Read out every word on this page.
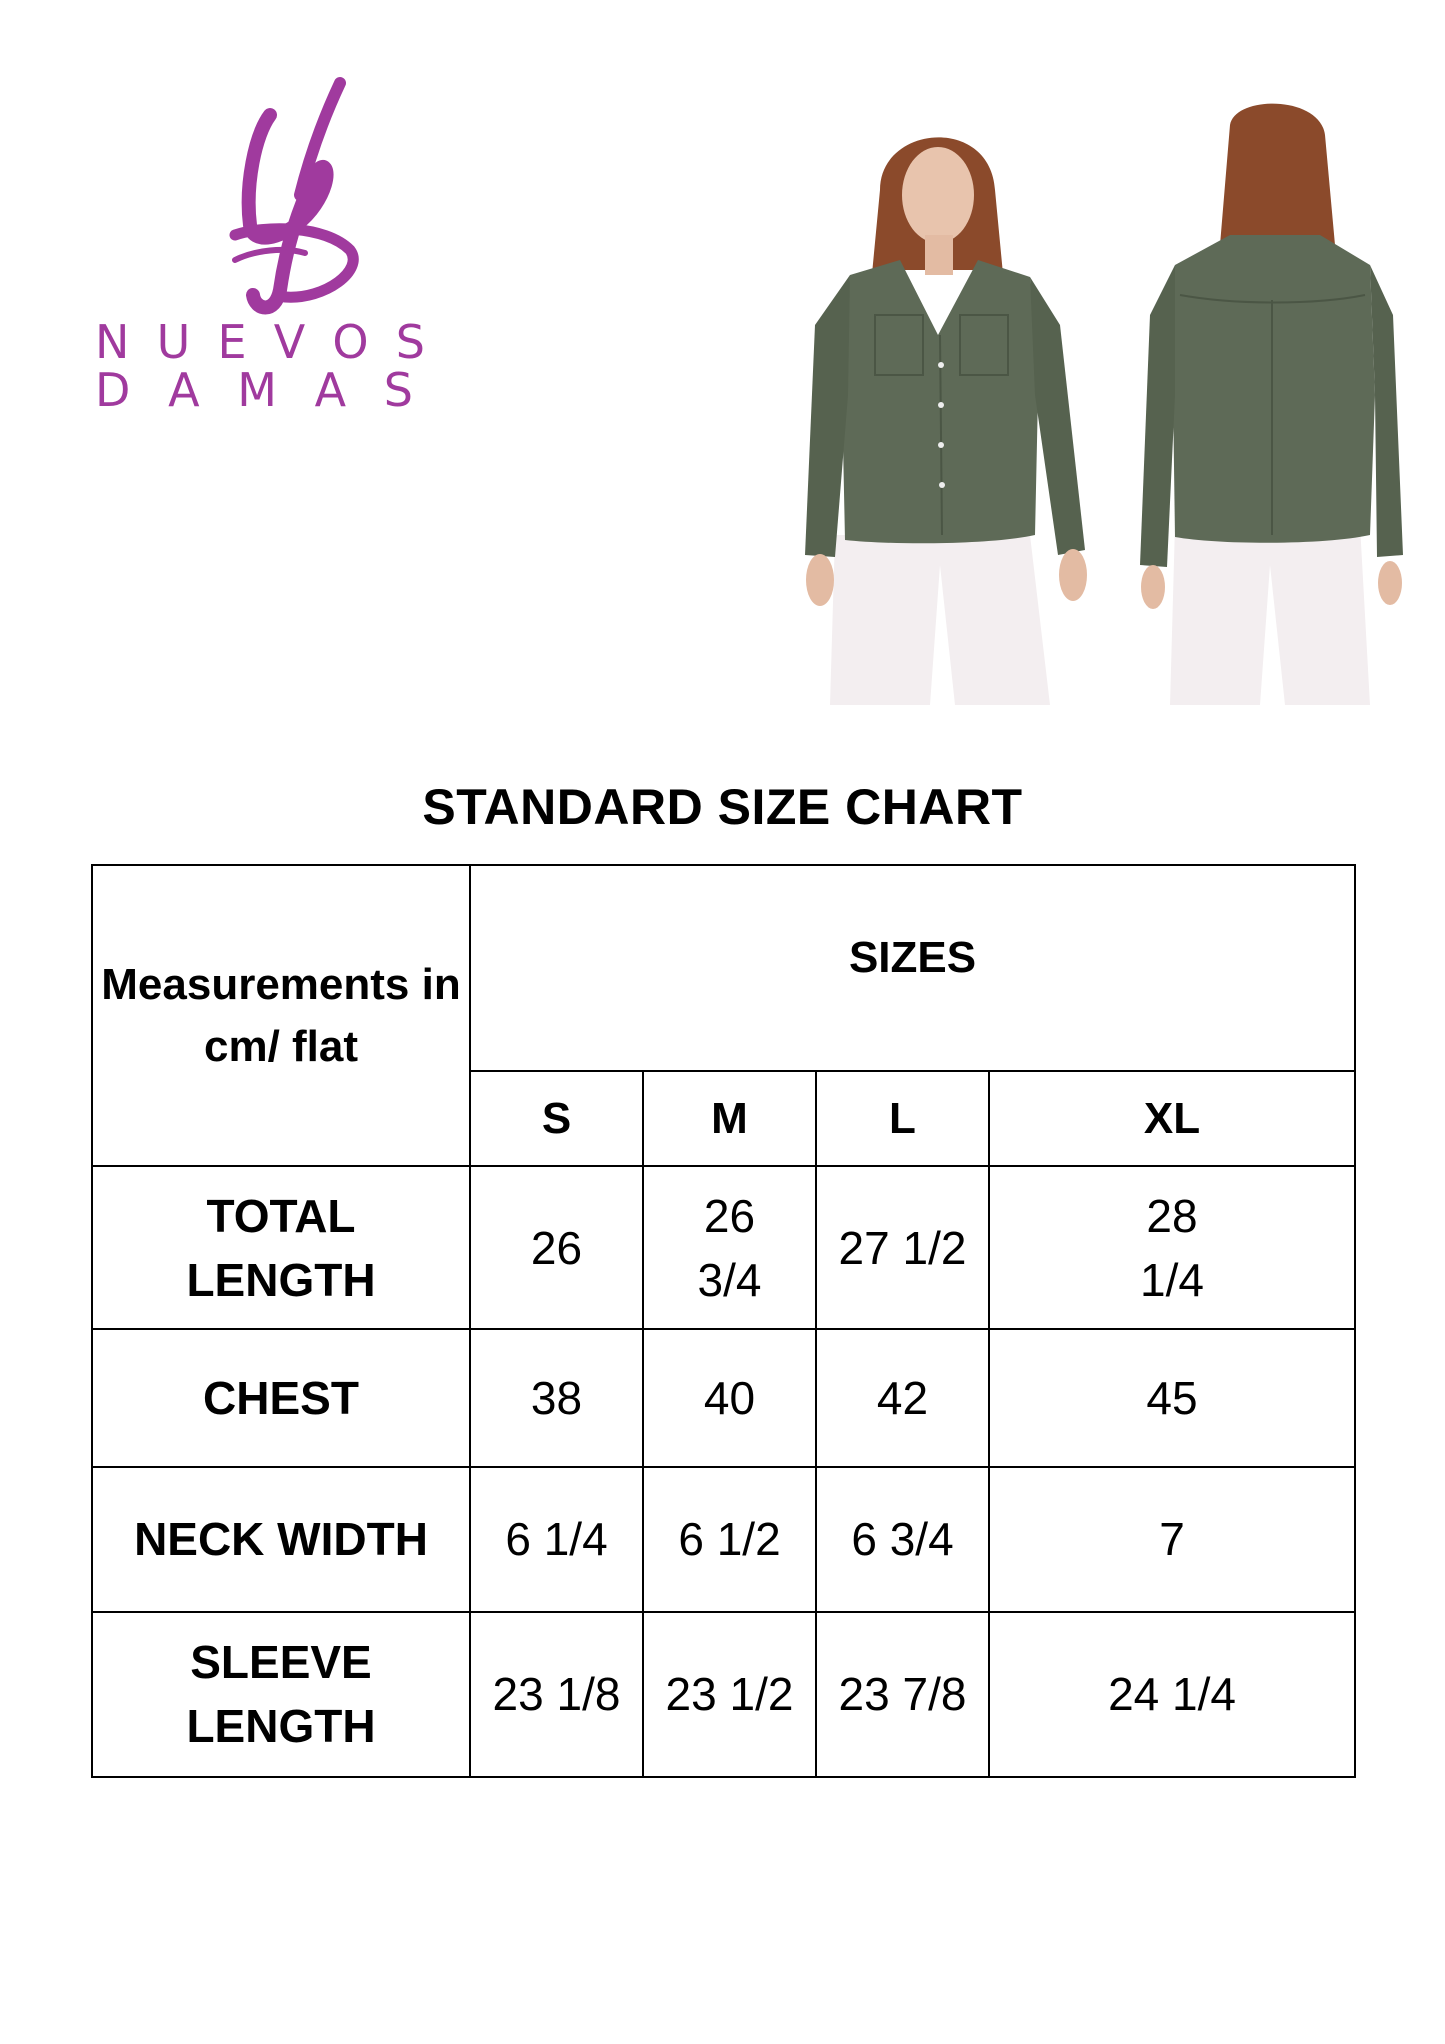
N U E V O S
D A M A S
STANDARD SIZE CHART
Measurements in cm/ flat	SIZES			
	S	M	L	XL

TOTAL LENGTH	26	26 3/4	27 1/2	28 1/4

CHEST	38	40	42	45
NECK WIDTH	6 1/4	6 1/2	6 3/4	7

SLEEVE LENGTH	23 1/8	23 1/2	23 7/8	24 1/4
